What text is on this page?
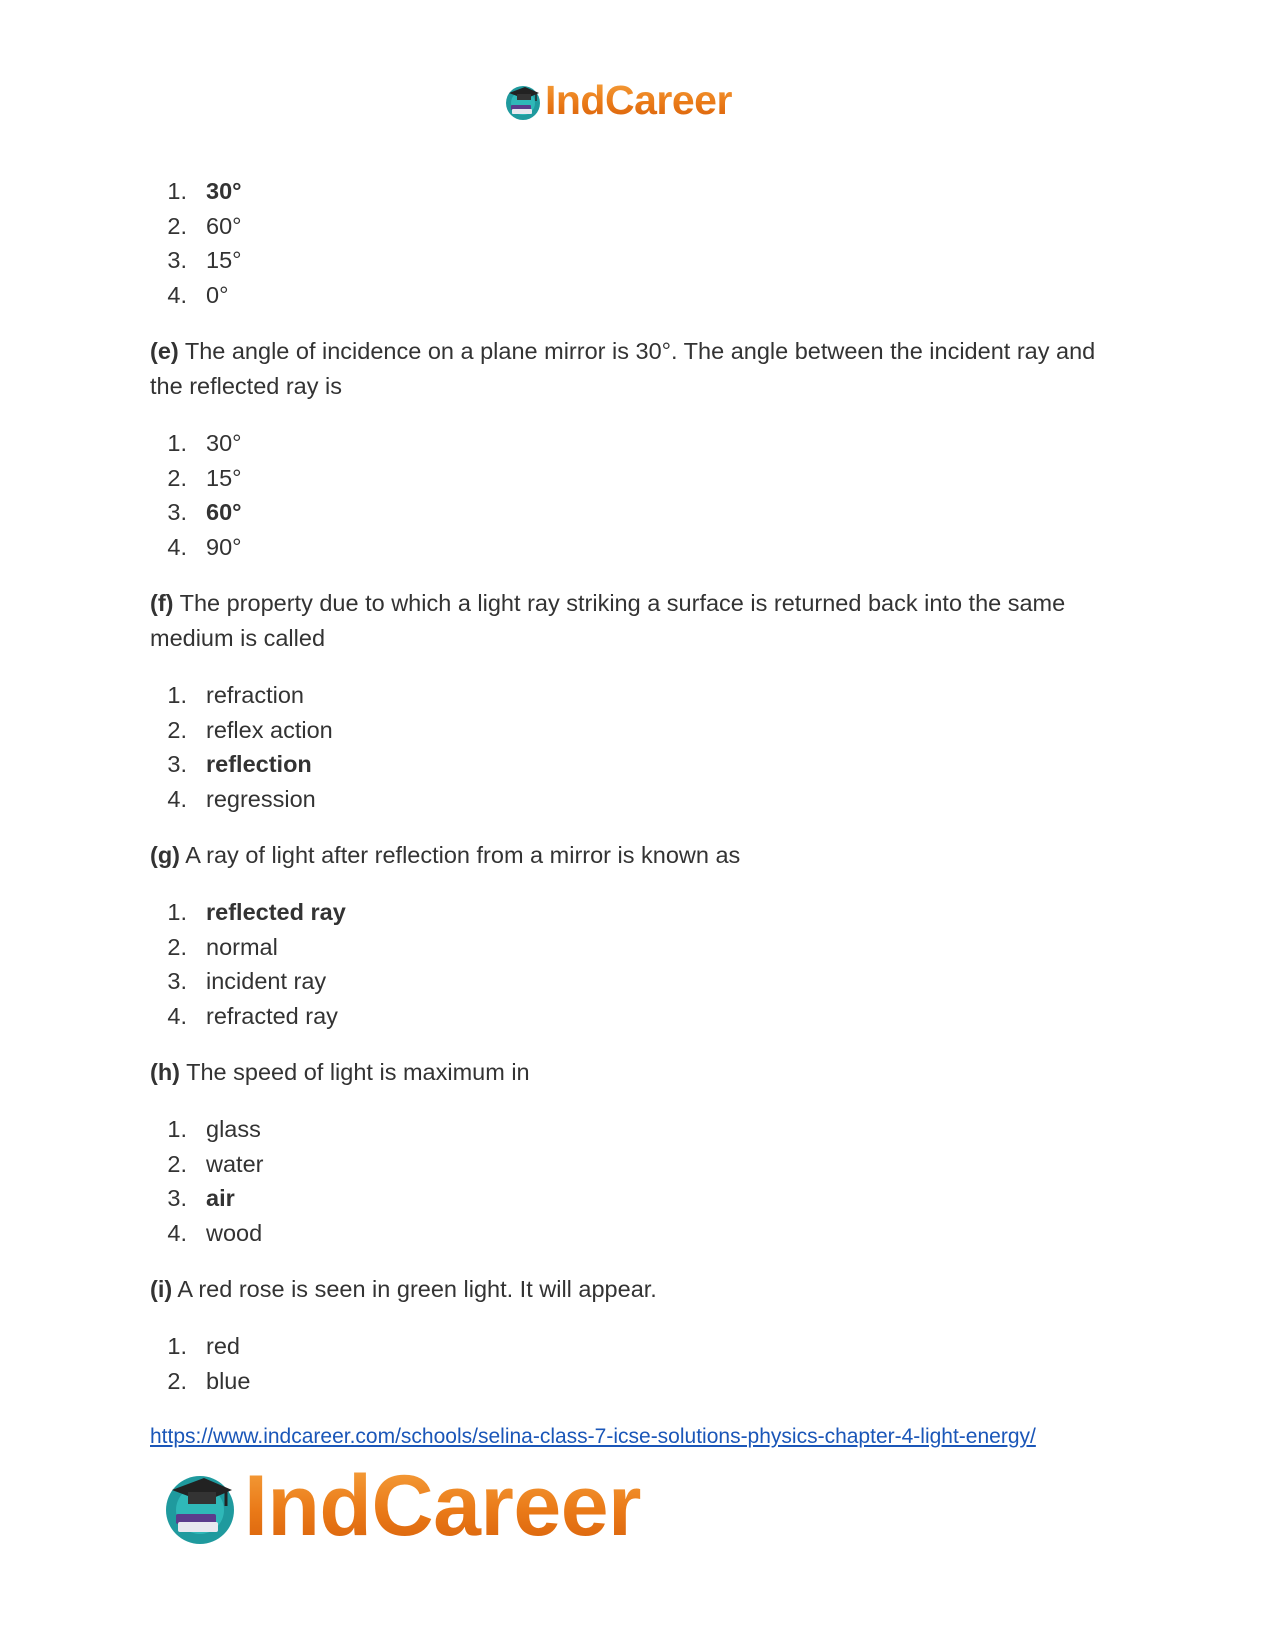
IndCareer
1. 30°
2. 60°
3. 15°
4. 0°
(e) The angle of incidence on a plane mirror is 30°. The angle between the incident ray and the reflected ray is
1. 30°
2. 15°
3. 60°
4. 90°
(f) The property due to which a light ray striking a surface is returned back into the same medium is called
1. refraction
2. reflex action
3. reflection
4. regression
(g) A ray of light after reflection from a mirror is known as
1. reflected ray
2. normal
3. incident ray
4. refracted ray
(h) The speed of light is maximum in
1. glass
2. water
3. air
4. wood
(i) A red rose is seen in green light. It will appear.
1. red
2. blue
https://www.indcareer.com/schools/selina-class-7-icse-solutions-physics-chapter-4-light-energy/
IndCareer
